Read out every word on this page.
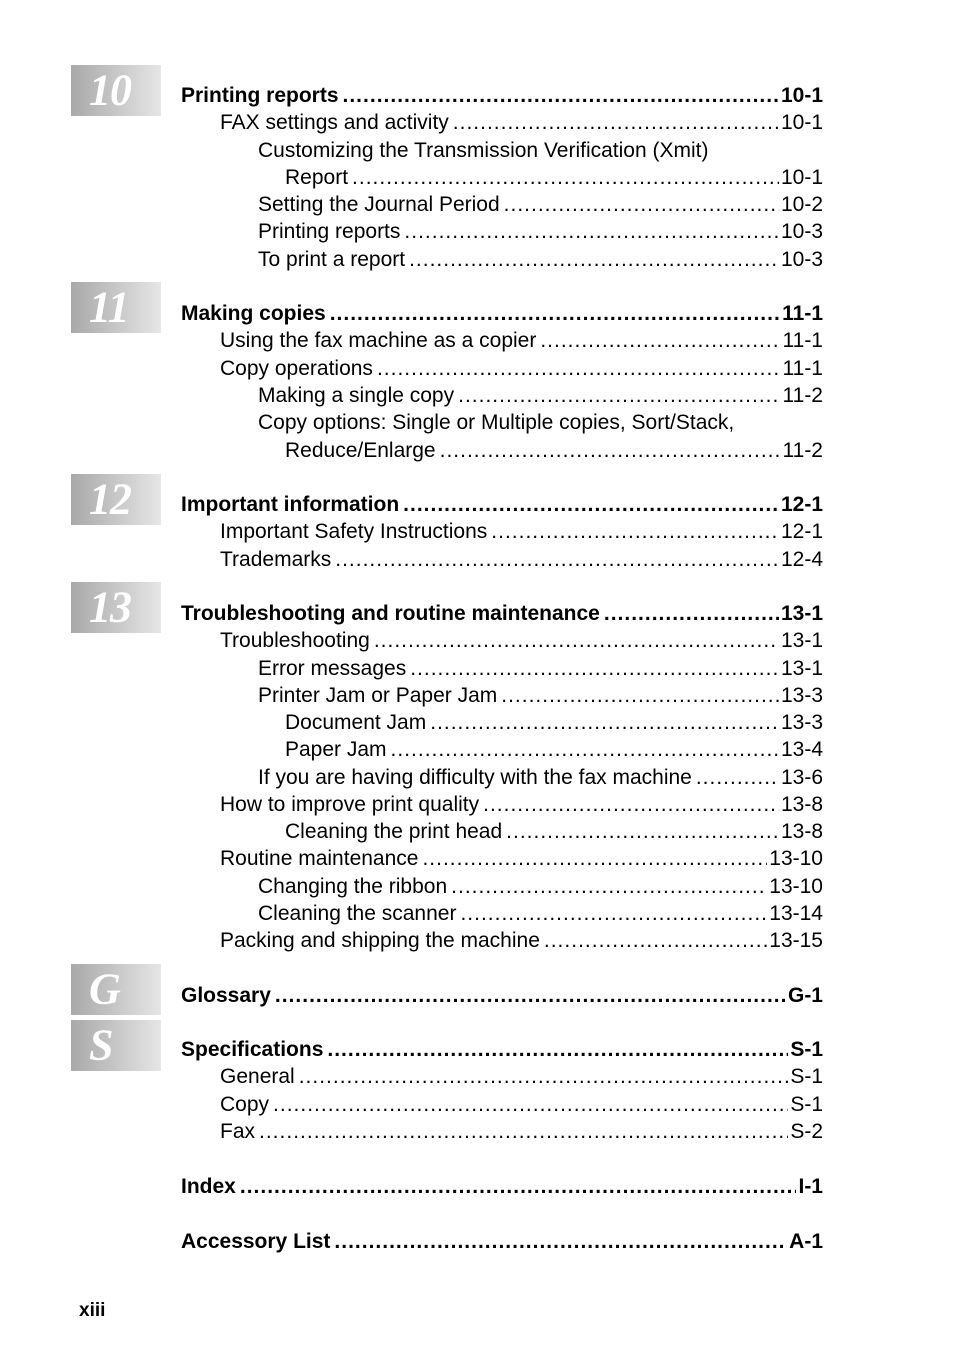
10
11
12
13
G
S
Printing reports .....	10-1
FAX settings and activity .....	10-1
Customizing the Transmission Verification (Xmit)
Report .....	10-1
Setting the Journal Period .....	10-2
Printing reports .....	10-3
To print a report .....	10-3
Making copies .....	11-1
Using the fax machine as a copier .....	11-1
Copy operations .....	11-1
Making a single copy .....	11-2
Copy options: Single or Multiple copies, Sort/Stack,
Reduce/Enlarge .....	11-2
Important information .....	12-1
Important Safety Instructions .....	12-1
Trademarks .....	12-4
Troubleshooting and routine maintenance .....	13-1
Troubleshooting .....	13-1
Error messages .....	13-1
Printer Jam or Paper Jam .....	13-3
Document Jam .....	13-3
Paper Jam .....	13-4
If you are having difficulty with the fax machine .....	13-6
How to improve print quality .....	13-8
Cleaning the print head .....	13-8
Routine maintenance .....	13-10
Changing the ribbon .....	13-10
Cleaning the scanner .....	13-14
Packing and shipping the machine .....	13-15
Glossary .....	G-1
Specifications .....	S-1
General .....	S-1
Copy .....	S-1
Fax .....	S-2
Index .....	I-1
Accessory List .....	A-1
xiii
